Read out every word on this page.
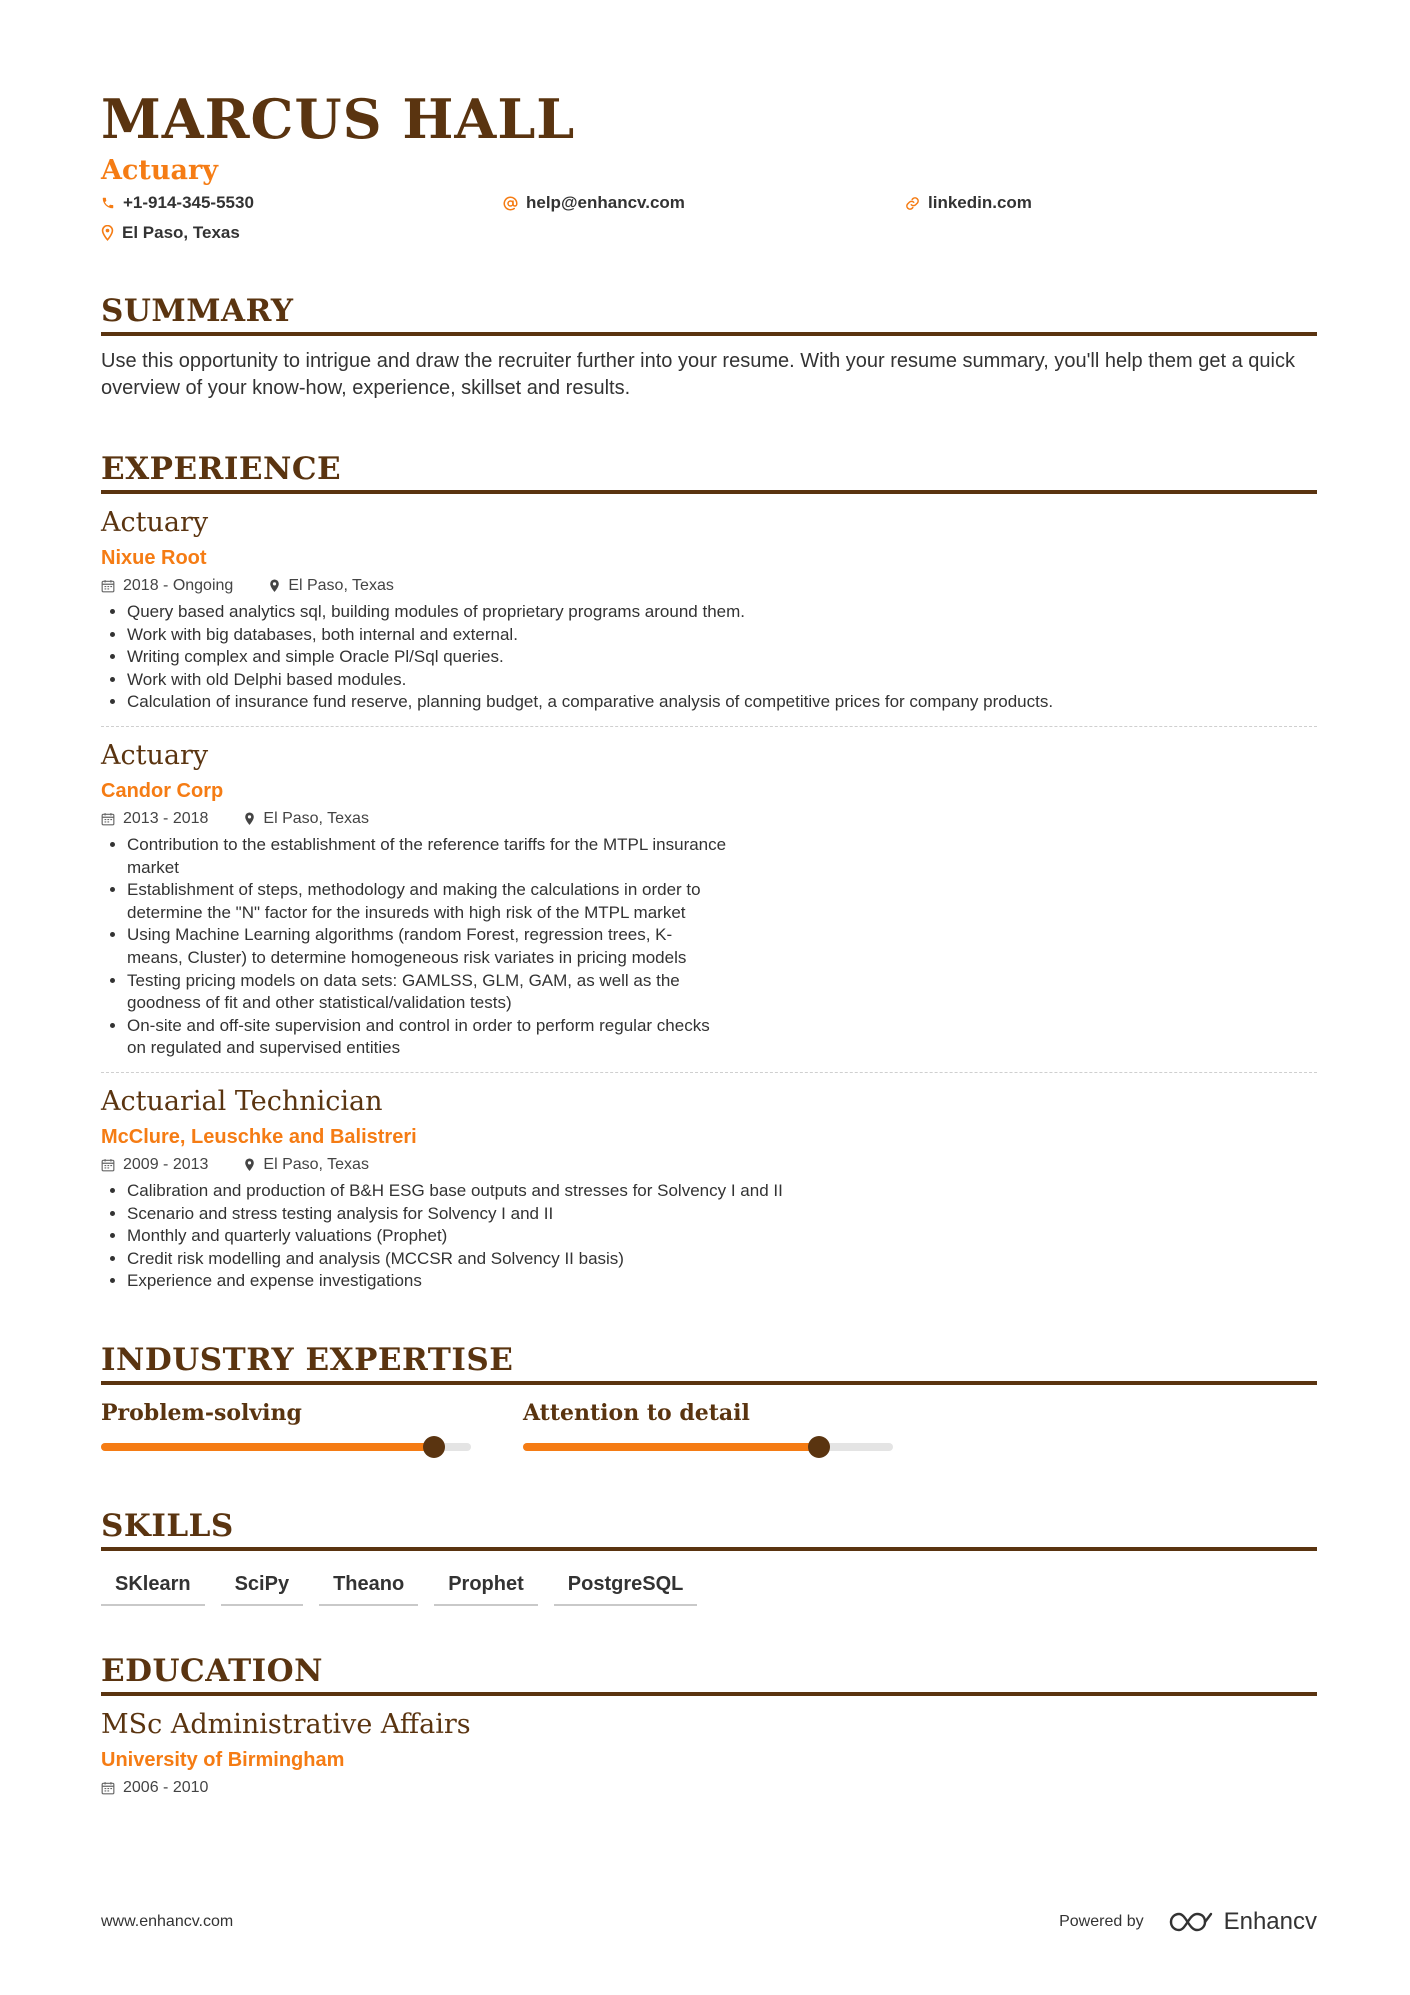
MARCUS HALL
Actuary
+1-914-345-5530	help@enhancv.com	linkedin.com
El Paso, Texas
SUMMARY
Use this opportunity to intrigue and draw the recruiter further into your resume. With your resume summary, you'll help them get a quick overview of your know-how, experience, skillset and results.
EXPERIENCE
Actuary
Nixue Root
2018 - Ongoing	El Paso, Texas
• Query based analytics sql, building modules of proprietary programs around them.
• Work with big databases, both internal and external.
• Writing complex and simple Oracle Pl/Sql queries.
• Work with old Delphi based modules.
• Calculation of insurance fund reserve, planning budget, a comparative analysis of competitive prices for company products.
Actuary
Candor Corp
2013 - 2018	El Paso, Texas
• Contribution to the establishment of the reference tariffs for the MTPL insurance market
• Establishment of steps, methodology and making the calculations in order to determine the "N" factor for the insureds with high risk of the MTPL market
• Using Machine Learning algorithms (random Forest, regression trees, K-means, Cluster) to determine homogeneous risk variates in pricing models
• Testing pricing models on data sets: GAMLSS, GLM, GAM, as well as the goodness of fit and other statistical/validation tests)
• On-site and off-site supervision and control in order to perform regular checks on regulated and supervised entities
Actuarial Technician
McClure, Leuschke and Balistreri
2009 - 2013	El Paso, Texas
• Calibration and production of B&H ESG base outputs and stresses for Solvency I and II
• Scenario and stress testing analysis for Solvency I and II
• Monthly and quarterly valuations (Prophet)
• Credit risk modelling and analysis (MCCSR and Solvency II basis)
• Experience and expense investigations
INDUSTRY EXPERTISE
Problem-solving	Attention to detail
SKILLS
SKlearn	SciPy	Theano	Prophet	PostgreSQL
EDUCATION
MSc Administrative Affairs
University of Birmingham
2006 - 2010
www.enhancv.com	Powered by	Enhancv
